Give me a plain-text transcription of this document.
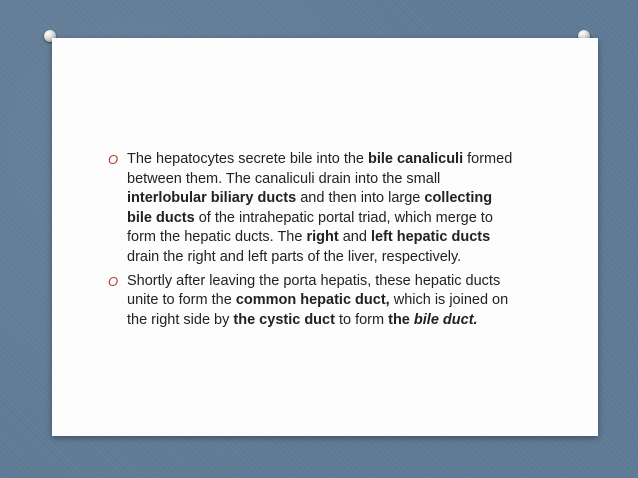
O The hepatocytes secrete bile into the bile canaliculi formed between them. The canaliculi drain into the small interlobular biliary ducts and then into large collecting bile ducts of the intrahepatic portal triad, which merge to form the hepatic ducts. The right and left hepatic ducts drain the right and left parts of the liver, respectively.

O Shortly after leaving the porta hepatis, these hepatic ducts unite to form the common hepatic duct, which is joined on the right side by the cystic duct to form the bile duct.
